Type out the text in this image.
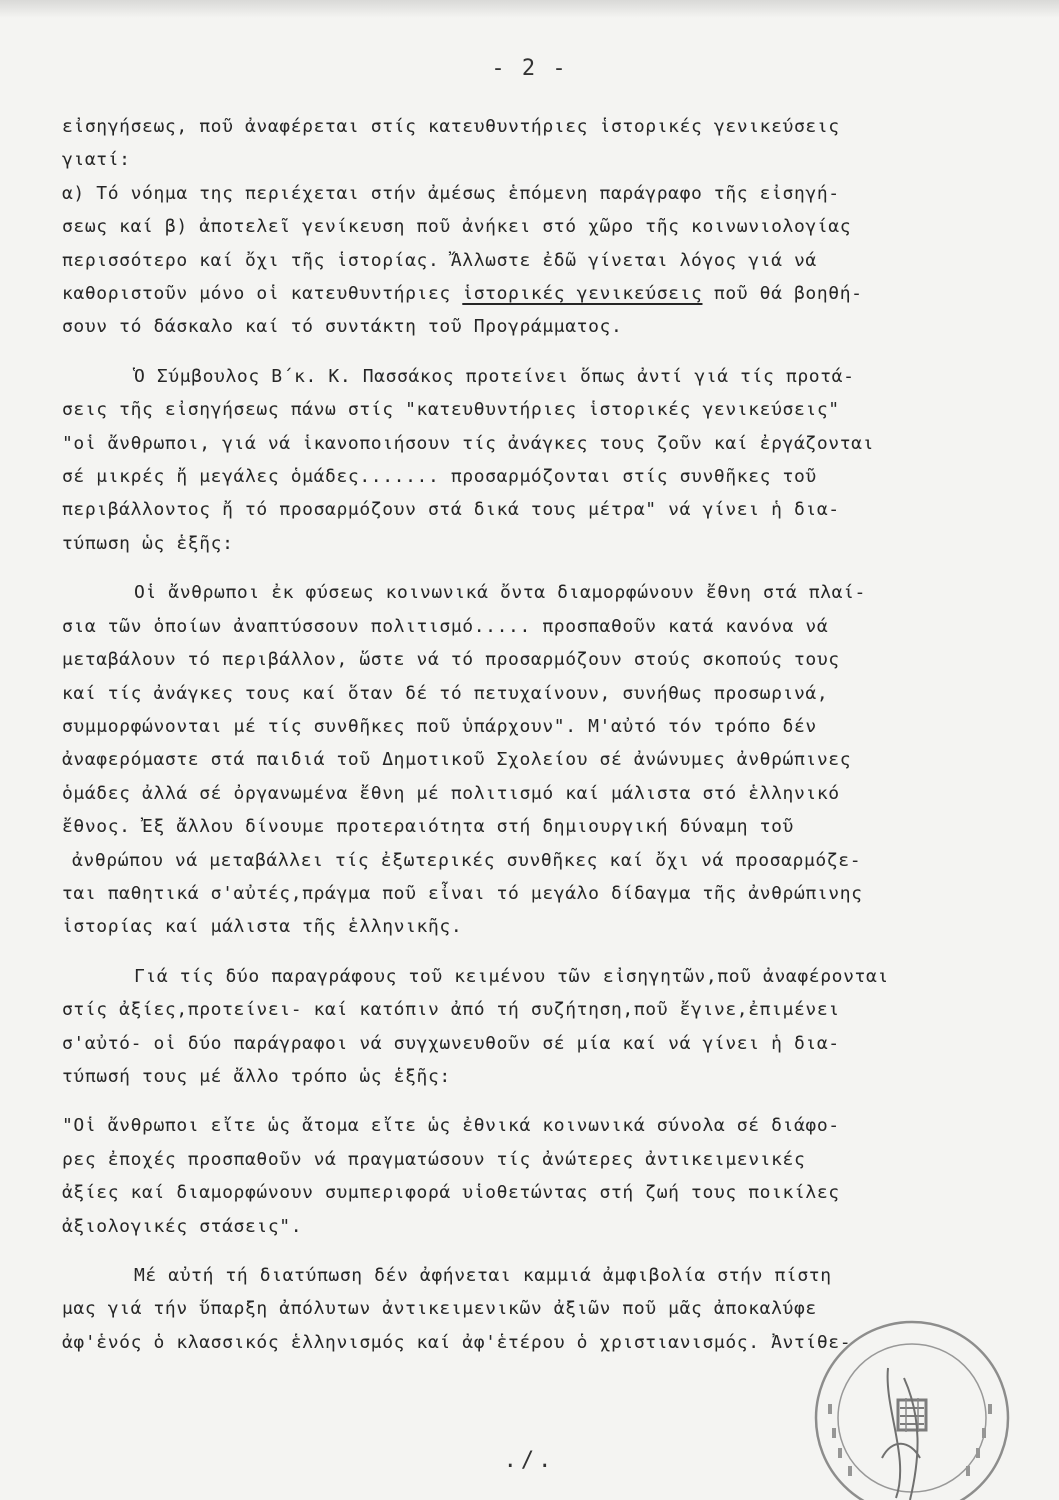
- 2 -
εἰσηγήσεως, ποῦ ἀναφέρεται στίς κατευθυντήριες ἱστορικές γενικεύσεις
γιατί:
α) Τό νόημα της περιέχεται στήν ἀμέσως ἑπόμενη παράγραφο τῆς εἰσηγή-
σεως καί β) ἀποτελεῖ γενίκευση ποῦ ἀνήκει στό χῶρο τῆς κοινωνιολογίας
περισσότερο καί ὄχι τῆς ἱστορίας. Ἄλλωστε ἐδῶ γίνεται λόγος γιά νά
καθοριστοῦν μόνο οἱ κατευθυντήριες ἱστορικές γενικεύσεις ποῦ θά βοηθή-
σουν τό δάσκαλο καί τό συντάκτη τοῦ Προγράμματος.
Ὁ Σύμβουλος Β΄κ. Κ. Πασσάκος προτείνει ὅπως ἀντί γιά τίς προτά-
σεις τῆς εἰσηγήσεως πάνω στίς "κατευθυντήριες ἱστορικές γενικεύσεις"
"οἱ ἄνθρωποι, γιά νά ἱκανοποιήσουν τίς ἀνάγκες τους ζοῦν καί ἐργάζονται
σέ μικρές ἤ μεγάλες ὁμάδες....... προσαρμόζονται στίς συνθῆκες τοῦ
περιβάλλοντος ἤ τό προσαρμόζουν στά δικά τους μέτρα" νά γίνει ἡ δια-
τύπωση ὡς ἑξῆς:
Οἱ ἄνθρωποι ἐκ φύσεως κοινωνικά ὄντα διαμορφώνουν ἔθνη στά πλαί-
σια τῶν ὁποίων ἀναπτύσσουν πολιτισμό..... προσπαθοῦν κατά κανόνα νά
μεταβάλουν τό περιβάλλον, ὥστε νά τό προσαρμόζουν στούς σκοπούς τους
καί τίς ἀνάγκες τους καί ὅταν δέ τό πετυχαίνουν, συνήθως προσωρινά,
συμμορφώνονται μέ τίς συνθῆκες ποῦ ὑπάρχουν". Μ'αὐτό τόν τρόπο δέν
ἀναφερόμαστε στά παιδιά τοῦ Δημοτικοῦ Σχολείου σέ ἀνώνυμες ἀνθρώπινες
ὁμάδες ἀλλά σέ ὀργανωμένα ἔθνη μέ πολιτισμό καί μάλιστα στό ἑλληνικό
ἔθνος. Ἐξ ἄλλου δίνουμε προτεραιότητα στή δημιουργική δύναμη τοῦ
ἀνθρώπου νά μεταβάλλει τίς ἐξωτερικές συνθῆκες καί ὄχι νά προσαρμόζε-
ται παθητικά σ'αὐτές,πράγμα ποῦ εἶναι τό μεγάλο δίδαγμα τῆς ἀνθρώπινης
ἱστορίας καί μάλιστα τῆς ἑλληνικῆς.
Γιά τίς δύο παραγράφους τοῦ κειμένου τῶν εἰσηγητῶν,ποῦ ἀναφέρονται
στίς ἀξίες,προτείνει- καί κατόπιν ἀπό τή συζήτηση,ποῦ ἔγινε,ἐπιμένει
σ'αὐτό- οἱ δύο παράγραφοι νά συγχωνευθοῦν σέ μία καί νά γίνει ἡ δια-
τύπωσή τους μέ ἄλλο τρόπο ὡς ἑξῆς:
"Οἱ ἄνθρωποι εἴτε ὡς ἄτομα εἴτε ὡς ἐθνικά κοινωνικά σύνολα σέ διάφο-
ρες ἐποχές προσπαθοῦν νά πραγματώσουν τίς ἀνώτερες ἀντικειμενικές
ἀξίες καί διαμορφώνουν συμπεριφορά υἱοθετώντας στή ζωή τους ποικίλες
ἀξιολογικές στάσεις".
Μέ αὐτή τή διατύπωση δέν ἀφήνεται καμμιά ἀμφιβολία στήν πίστη
μας γιά τήν ὕπαρξη ἀπόλυτων ἀντικειμενικῶν ἀξιῶν ποῦ μᾶς ἀποκαλύφε
ἀφ'ἑνός ὁ κλασσικός ἑλληνισμός καί ἀφ'ἑτέρου ὁ χριστιανισμός. Ἀντίθε-
./.
